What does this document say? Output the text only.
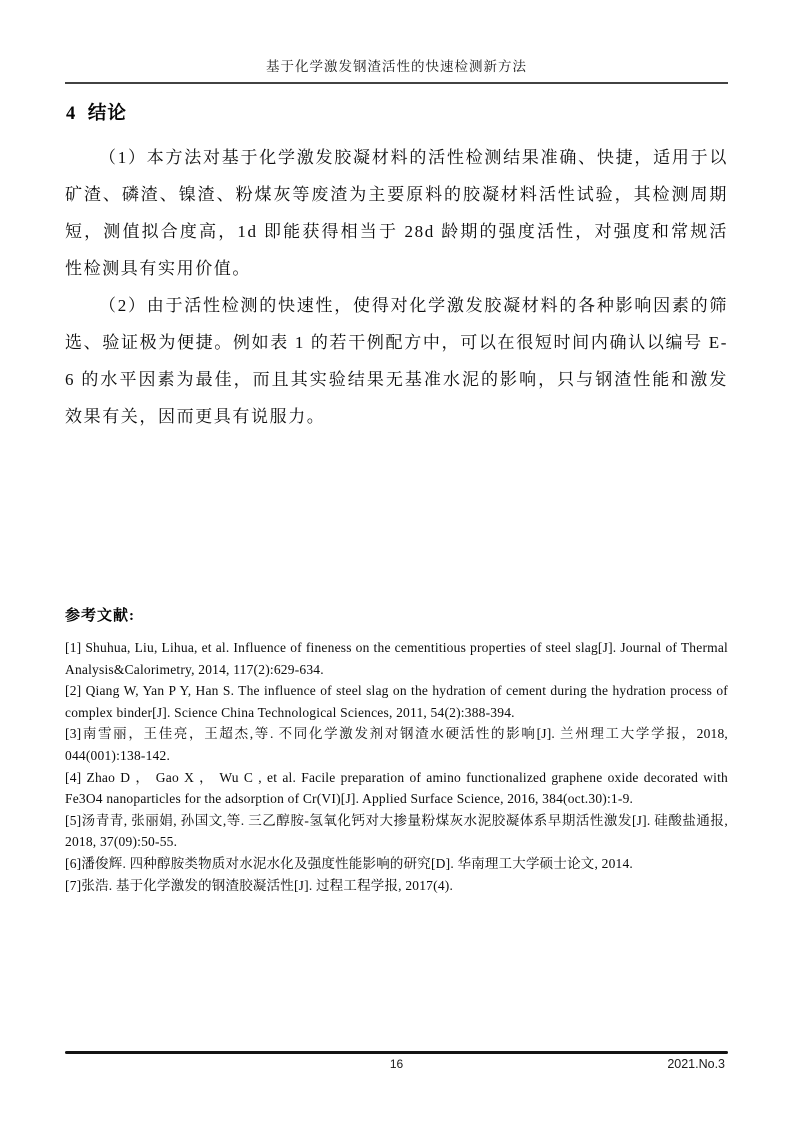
基于化学激发钢渣活性的快速检测新方法
4 结论

（1）本方法对基于化学激发胶凝材料的活性检测结果准确、快捷，适用于以矿渣、磷渣、镍渣、粉煤灰等废渣为主要原料的胶凝材料活性试验，其检测周期短，测值拟合度高，1d 即能获得相当于 28d 龄期的强度活性，对强度和常规活性检测具有实用价值。

（2）由于活性检测的快速性，使得对化学激发胶凝材料的各种影响因素的筛选、验证极为便捷。例如表 1 的若干例配方中，可以在很短时间内确认以编号 E-6 的水平因素为最佳，而且其实验结果无基准水泥的影响，只与钢渣性能和激发效果有关，因而更具有说服力。

参考文献:

[1] Shuhua, Liu, Lihua, et al. Influence of fineness on the cementitious properties of steel slag[J]. Journal of Thermal Analysis&Calorimetry, 2014, 117(2):629-634.

[2] Qiang W, Yan P Y, Han S. The influence of steel slag on the hydration of cement during the hydration process of complex binder[J]. Science China Technological Sciences, 2011, 54(2):388-394.

[3]南雪丽，王佳亮，王超杰,等. 不同化学激发剂对钢渣水硬活性的影响[J]. 兰州理工大学学报，2018, 044(001):138-142.

[4] Zhao D ， Gao X ， Wu C , et al. Facile preparation of amino functionalized graphene oxide decorated with Fe3O4 nanoparticles for the adsorption of Cr(VI)[J]. Applied Surface Science, 2016, 384(oct.30):1-9.

[5]汤青青, 张丽娟, 孙国文,等. 三乙醇胺-氢氧化钙对大掺量粉煤灰水泥胶凝体系早期活性激发[J]. 硅酸盐通报, 2018, 37(09):50-55.

[6]潘俊辉. 四种醇胺类物质对水泥水化及强度性能影响的研究[D]. 华南理工大学硕士论文, 2014.

[7]张浩. 基于化学激发的钢渣胶凝活性[J]. 过程工程学报, 2017(4).

16	2021.No.3
